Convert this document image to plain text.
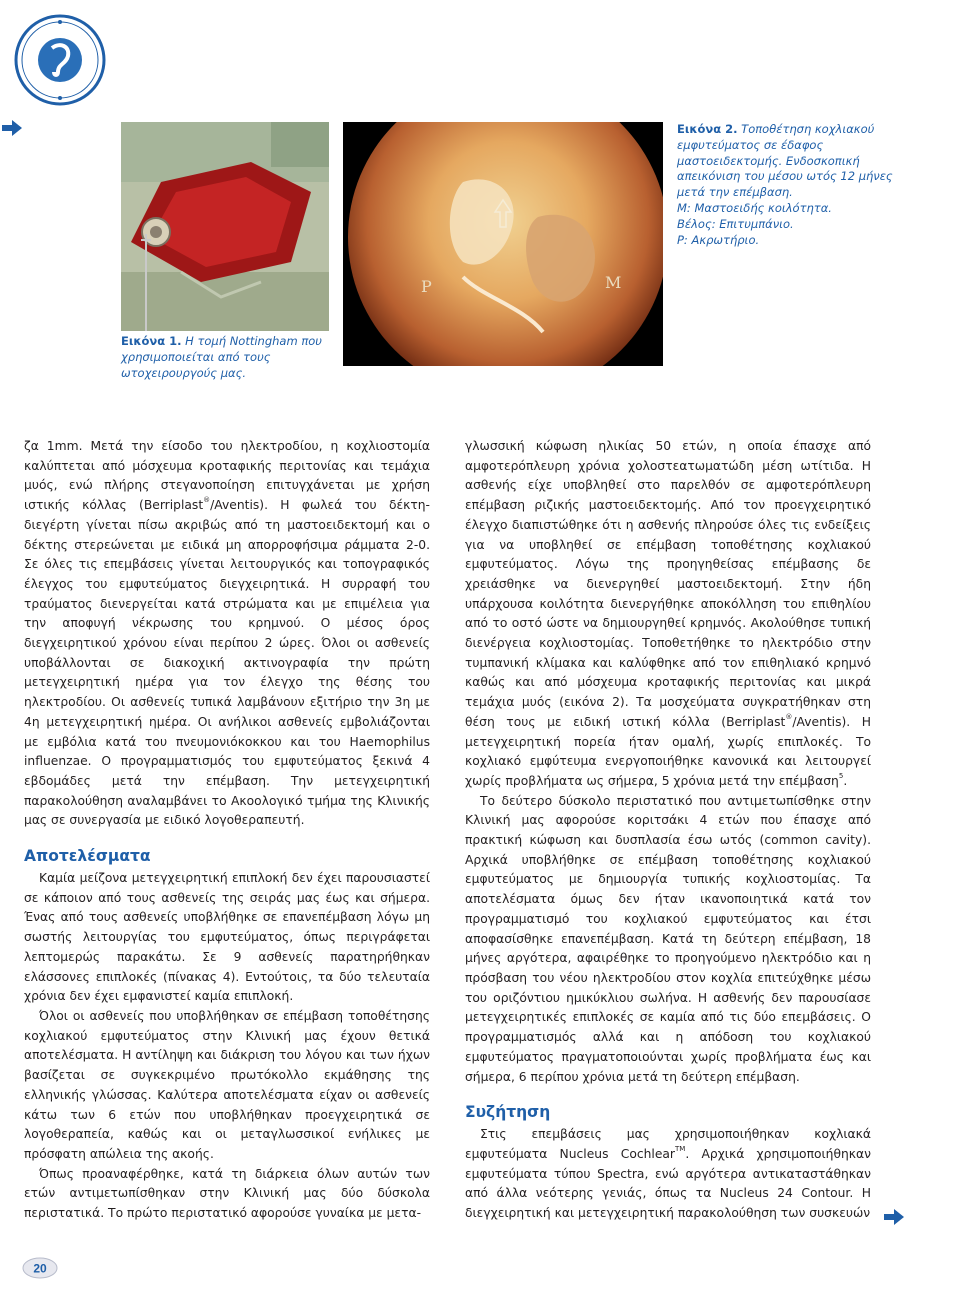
P	M
Εικόνα 1. Η τομή Nottingham που χρησιμοποιείται από τους ωτοχειρουργούς μας.
Εικόνα 2. Τοποθέτηση κοχλιακού εμφυτεύματος σε έδαφος μαστοειδεκτομής. Ενδοσκοπική απεικόνιση του μέσου ωτός 12 μήνες μετά την επέμβαση.
Μ: Μαστοειδής κοιλότητα.
Βέλος: Επιτυμπάνιο.
Ρ: Ακρωτήριο.

ζα 1mm. Μετά την είσοδο του ηλεκτροδίου, η κοχλιοστομία καλύπτεται από μόσχευμα κροταφικής περιτονίας και τεμάχια μυός, ενώ πλήρης στεγανοποίηση επιτυγχάνεται με χρήση ιστικής κόλλας (Berriplast®/Aventis). Η φωλεά του δέκτη-διεγέρτη γίνεται πίσω ακριβώς από τη μαστοειδεκτομή και ο δέκτης στερεώνεται με ειδικά μη απορροφήσιμα ράμματα 2-0. Σε όλες τις επεμβάσεις γίνεται λειτουργικός και τοπογραφικός έλεγχος του εμφυτεύματος διεγχειρητικά. Η συρραφή του τραύματος διενεργείται κατά στρώματα και με επιμέλεια για την αποφυγή νέκρωσης του κρημνού. Ο μέσος όρος διεγχειρητικού χρόνου είναι περίπου 2 ώρες. Όλοι οι ασθενείς υποβάλλονται σε διακοχική ακτινογραφία την πρώτη μετεγχειρητική ημέρα για τον έλεγχο της θέσης του ηλεκτροδίου. Οι ασθενείς τυπικά λαμβάνουν εξιτήριο την 3η με 4η μετεγχειρητική ημέρα. Οι ανήλικοι ασθενείς εμβολιάζονται με εμβόλια κατά του πνευμονιόκοκκου και του Haemophilus influenzae. Ο προγραμματισμός του εμφυτεύματος ξεκινά 4 εβδομάδες μετά την επέμβαση. Την μετεγχειρητική παρακολούθηση αναλαμβάνει το Ακοολογικό τμήμα της Κλινικής μας σε συνεργασία με ειδικό λογοθεραπευτή.

Αποτελέσματα

Καμία μείζονα μετεγχειρητική επιπλοκή δεν έχει παρουσιαστεί σε κάποιον από τους ασθενείς της σειράς μας έως και σήμερα. Ένας από τους ασθενείς υποβλήθηκε σε επανεπέμβαση λόγω μη σωστής λειτουργίας του εμφυτεύματος, όπως περιγράφεται λεπτομερώς παρακάτω. Σε 9 ασθενείς παρατηρήθηκαν ελάσσονες επιπλοκές (πίνακας 4). Εντούτοις, τα δύο τελευταία χρόνια δεν έχει εμφανιστεί καμία επιπλοκή.

Όλοι οι ασθενείς που υποβλήθηκαν σε επέμβαση τοποθέτησης κοχλιακού εμφυτεύματος στην Κλινική μας έχουν θετικά αποτελέσματα. Η αντίληψη και διάκριση του λόγου και των ήχων βασίζεται σε συγκεκριμένο πρωτόκολλο εκμάθησης της ελληνικής γλώσσας. Καλύτερα αποτελέσματα είχαν οι ασθενείς κάτω των 6 ετών που υποβλήθηκαν προεγχειρητικά σε λογοθεραπεία, καθώς και οι μεταγλωσσικοί ενήλικες με πρόσφατη απώλεια της ακοής.

Όπως προαναφέρθηκε, κατά τη διάρκεια όλων αυτών των ετών αντιμετωπίσθηκαν στην Κλινική μας δύο δύσκολα περιστατικά. Το πρώτο περιστατικό αφορούσε γυναίκα με μετα-

γλωσσική κώφωση ηλικίας 50 ετών, η οποία έπασχε από αμφοτερόπλευρη χρόνια χολοστεατωματώδη μέση ωτίτιδα. Η ασθενής είχε υποβληθεί στο παρελθόν σε αμφοτερόπλευρη επέμβαση ριζικής μαστοειδεκτομής. Από τον προεγχειρητικό έλεγχο διαπιστώθηκε ότι η ασθενής πληρούσε όλες τις ενδείξεις για να υποβληθεί σε επέμβαση τοποθέτησης κοχλιακού εμφυτεύματος. Λόγω της προηγηθείσας επέμβασης δε χρειάσθηκε να διενεργηθεί μαστοειδεκτομή. Στην ήδη υπάρχουσα κοιλότητα διενεργήθηκε αποκόλληση του επιθηλίου από το οστό ώστε να δημιουργηθεί κρημνός. Ακολούθησε τυπική διενέργεια κοχλιοστομίας. Τοποθετήθηκε το ηλεκτρόδιο στην τυμπανική κλίμακα και καλύφθηκε από τον επιθηλιακό κρημνό καθώς και από μόσχευμα κροταφικής περιτονίας και μικρά τεμάχια μυός (εικόνα 2). Τα μοσχεύματα συγκρατήθηκαν στη θέση τους με ειδική ιστική κόλλα (Berriplast®/Aventis). Η μετεγχειρητική πορεία ήταν ομαλή, χωρίς επιπλοκές. Το κοχλιακό εμφύτευμα ενεργοποιήθηκε κανονικά και λειτουργεί χωρίς προβλήματα ως σήμερα, 5 χρόνια μετά την επέμβαση$^5$.

Το δεύτερο δύσκολο περιστατικό που αντιμετωπίσθηκε στην Κλινική μας αφορούσε κοριτσάκι 4 ετών που έπασχε από πρακτική κώφωση και δυσπλασία έσω ωτός (common cavity). Αρχικά υποβλήθηκε σε επέμβαση τοποθέτησης κοχλιακού εμφυτεύματος με δημιουργία τυπικής κοχλιοστομίας. Τα αποτελέσματα όμως δεν ήταν ικανοποιητικά κατά τον προγραμματισμό του κοχλιακού εμφυτεύματος και έτσι αποφασίσθηκε επανεπέμβαση. Κατά τη δεύτερη επέμβαση, 18 μήνες αργότερα, αφαιρέθηκε το προηγούμενο ηλεκτρόδιο και η πρόσβαση του νέου ηλεκτροδίου στον κοχλία επιτεύχθηκε μέσω του οριζόντιου ημικύκλιου σωλήνα. Η ασθενής δεν παρουσίασε μετεγχειρητικές επιπλοκές σε καμία από τις δύο επεμβάσεις. Ο προγραμματισμός αλλά και η απόδοση του κοχλιακού εμφυτεύματος πραγματοποιούνται χωρίς προβλήματα έως και σήμερα, 6 περίπου χρόνια μετά τη δεύτερη επέμβαση.

Συζήτηση

Στις επεμβάσεις μας χρησιμοποιήθηκαν κοχλιακά εμφυτεύματα Nucleus Cochlear™. Αρχικά χρησιμοποιήθηκαν εμφυτεύματα τύπου Spectra, ενώ αργότερα αντικαταστάθηκαν από άλλα νεότερης γενιάς, όπως τα Nucleus 24 Contour. Η διεγχειρητική και μετεγχειρητική παρακολούθηση των συσκευών

20
